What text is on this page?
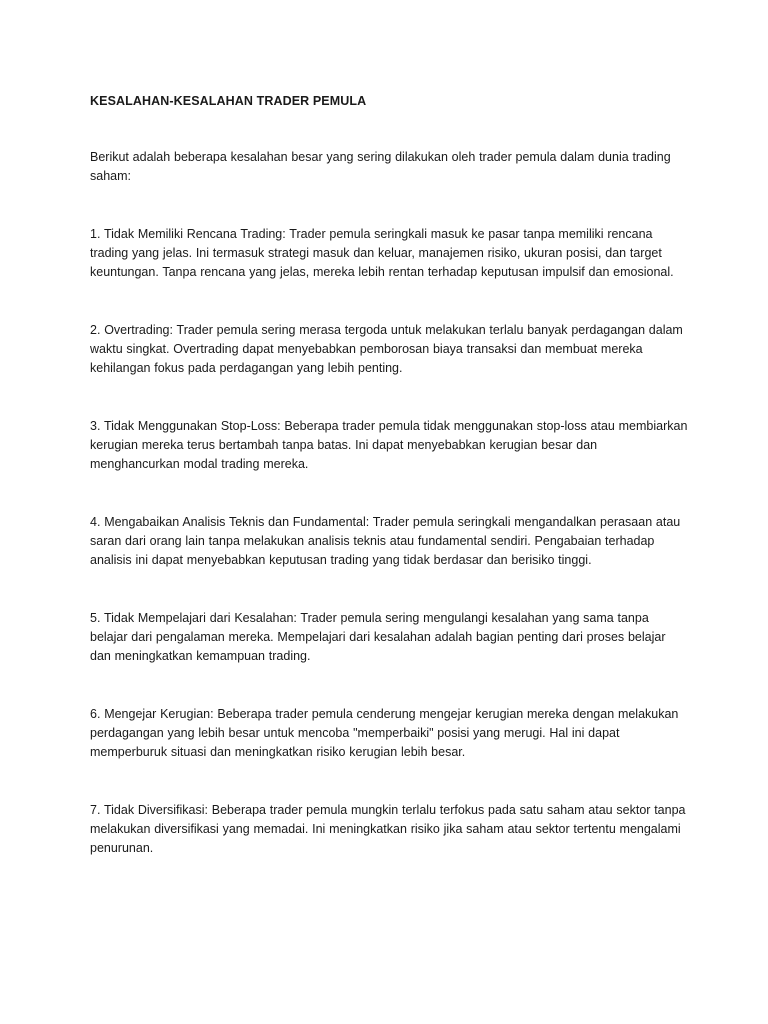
KESALAHAN-KESALAHAN TRADER PEMULA

Berikut adalah beberapa kesalahan besar yang sering dilakukan oleh trader pemula dalam dunia trading saham:

1. Tidak Memiliki Rencana Trading: Trader pemula seringkali masuk ke pasar tanpa memiliki rencana trading yang jelas. Ini termasuk strategi masuk dan keluar, manajemen risiko, ukuran posisi, dan target keuntungan. Tanpa rencana yang jelas, mereka lebih rentan terhadap keputusan impulsif dan emosional.

2. Overtrading: Trader pemula sering merasa tergoda untuk melakukan terlalu banyak perdagangan dalam waktu singkat. Overtrading dapat menyebabkan pemborosan biaya transaksi dan membuat mereka kehilangan fokus pada perdagangan yang lebih penting.

3. Tidak Menggunakan Stop-Loss: Beberapa trader pemula tidak menggunakan stop-loss atau membiarkan kerugian mereka terus bertambah tanpa batas. Ini dapat menyebabkan kerugian besar dan menghancurkan modal trading mereka.

4. Mengabaikan Analisis Teknis dan Fundamental: Trader pemula seringkali mengandalkan perasaan atau saran dari orang lain tanpa melakukan analisis teknis atau fundamental sendiri. Pengabaian terhadap analisis ini dapat menyebabkan keputusan trading yang tidak berdasar dan berisiko tinggi.

5. Tidak Mempelajari dari Kesalahan: Trader pemula sering mengulangi kesalahan yang sama tanpa belajar dari pengalaman mereka. Mempelajari dari kesalahan adalah bagian penting dari proses belajar dan meningkatkan kemampuan trading.

6. Mengejar Kerugian: Beberapa trader pemula cenderung mengejar kerugian mereka dengan melakukan perdagangan yang lebih besar untuk mencoba "memperbaiki" posisi yang merugi. Hal ini dapat memperburuk situasi dan meningkatkan risiko kerugian lebih besar.

7. Tidak Diversifikasi: Beberapa trader pemula mungkin terlalu terfokus pada satu saham atau sektor tanpa melakukan diversifikasi yang memadai. Ini meningkatkan risiko jika saham atau sektor tertentu mengalami penurunan.
